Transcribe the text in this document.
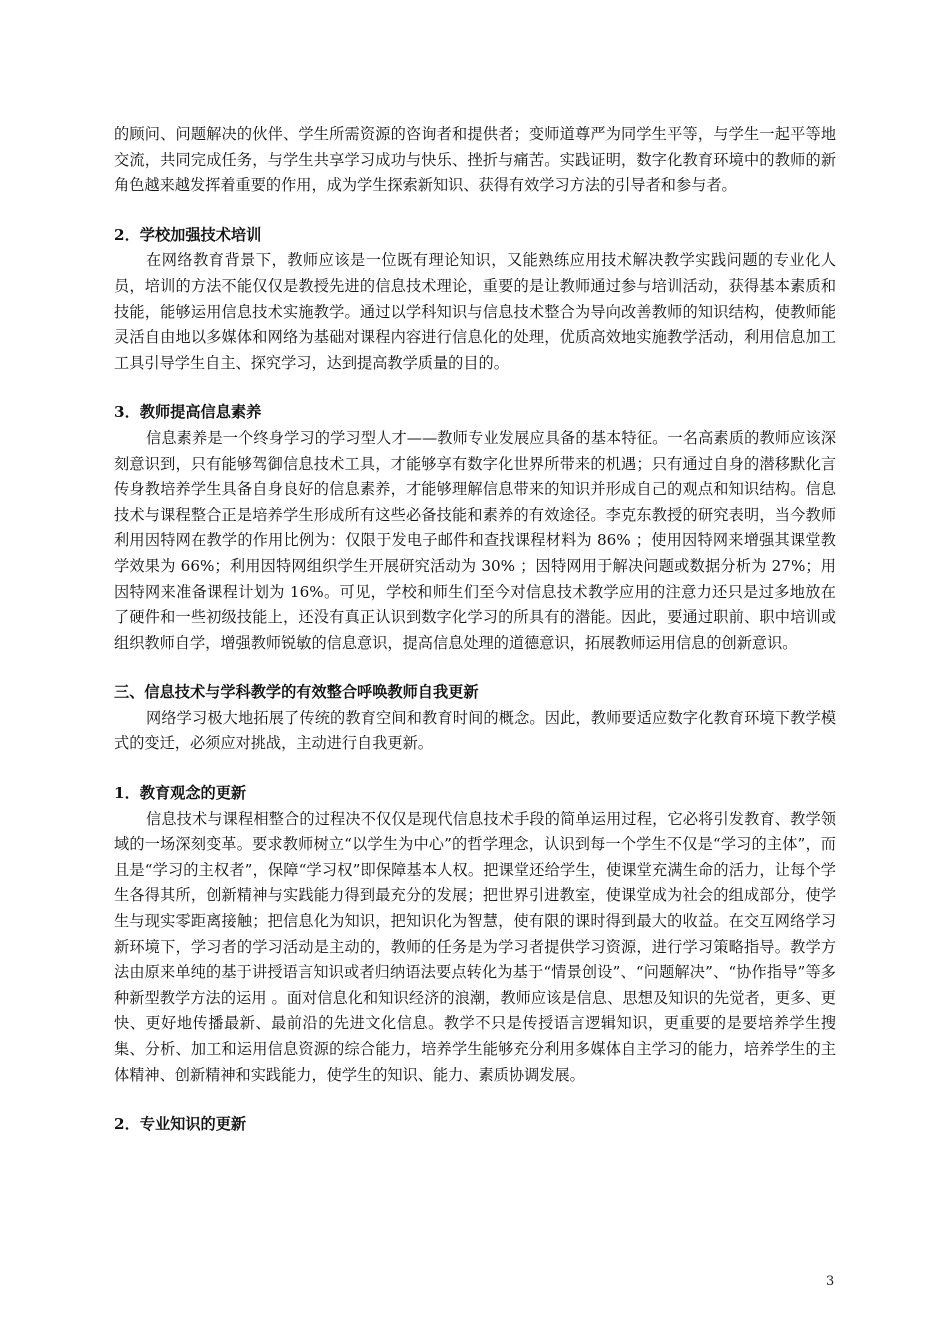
的顾问、问题解决的伙伴、学生所需资源的咨询者和提供者；变师道尊严为同学生平等，与学生一起平等地交流，共同完成任务，与学生共享学习成功与快乐、挫折与痛苦。实践证明，数字化教育环境中的教师的新角色越来越发挥着重要的作用，成为学生探索新知识、获得有效学习方法的引导者和参与者。

2．学校加强技术培训

在网络教育背景下，教师应该是一位既有理论知识，又能熟练应用技术解决教学实践问题的专业化人员，培训的方法不能仅仅是教授先进的信息技术理论，重要的是让教师通过参与培训活动，获得基本素质和技能，能够运用信息技术实施教学。通过以学科知识与信息技术整合为导向改善教师的知识结构，使教师能灵活自由地以多媒体和网络为基础对课程内容进行信息化的处理，优质高效地实施教学活动，利用信息加工工具引导学生自主、探究学习，达到提高教学质量的目的。

3．教师提高信息素养

信息素养是一个终身学习的学习型人才——教师专业发展应具备的基本特征。一名高素质的教师应该深刻意识到，只有能够驾御信息技术工具，才能够享有数字化世界所带来的机遇；只有通过自身的潜移默化言传身教培养学生具备自身良好的信息素养，才能够理解信息带来的知识并形成自己的观点和知识结构。信息技术与课程整合正是培养学生形成所有这些必备技能和素养的有效途径。李克东教授的研究表明，当今教师利用因特网在教学的作用比例为：仅限于发电子邮件和查找课程材料为 86% ；使用因特网来增强其课堂教学效果为 66%；利用因特网组织学生开展研究活动为 30% ；因特网用于解决问题或数据分析为 27%；用因特网来准备课程计划为 16%。可见，学校和师生们至今对信息技术教学应用的注意力还只是过多地放在了硬件和一些初级技能上，还没有真正认识到数字化学习的所具有的潜能。因此，要通过职前、职中培训或组织教师自学，增强教师锐敏的信息意识，提高信息处理的道德意识，拓展教师运用信息的创新意识。

三、信息技术与学科教学的有效整合呼唤教师自我更新

网络学习极大地拓展了传统的教育空间和教育时间的概念。因此，教师要适应数字化教育环境下教学模式的变迁，必须应对挑战，主动进行自我更新。

1．教育观念的更新

信息技术与课程相整合的过程决不仅仅是现代信息技术手段的简单运用过程，它必将引发教育、教学领域的一场深刻变革。要求教师树立“以学生为中心”的哲学理念，认识到每一个学生不仅是“学习的主体”，而且是“学习的主权者”，保障“学习权”即保障基本人权。把课堂还给学生，使课堂充满生命的活力，让每个学生各得其所，创新精神与实践能力得到最充分的发展；把世界引进教室，使课堂成为社会的组成部分，使学生与现实零距离接触；把信息化为知识，把知识化为智慧，使有限的课时得到最大的收益。在交互网络学习新环境下，学习者的学习活动是主动的，教师的任务是为学习者提供学习资源，进行学习策略指导。教学方法由原来单纯的基于讲授语言知识或者归纳语法要点转化为基于“情景创设”、“问题解决”、“协作指导”等多种新型教学方法的运用 。面对信息化和知识经济的浪潮，教师应该是信息、思想及知识的先觉者，更多、更快、更好地传播最新、最前沿的先进文化信息。教学不只是传授语言逻辑知识，更重要的是要培养学生搜集、分析、加工和运用信息资源的综合能力，培养学生能够充分利用多媒体自主学习的能力，培养学生的主体精神、创新精神和实践能力，使学生的知识、能力、素质协调发展。

2．专业知识的更新

3
